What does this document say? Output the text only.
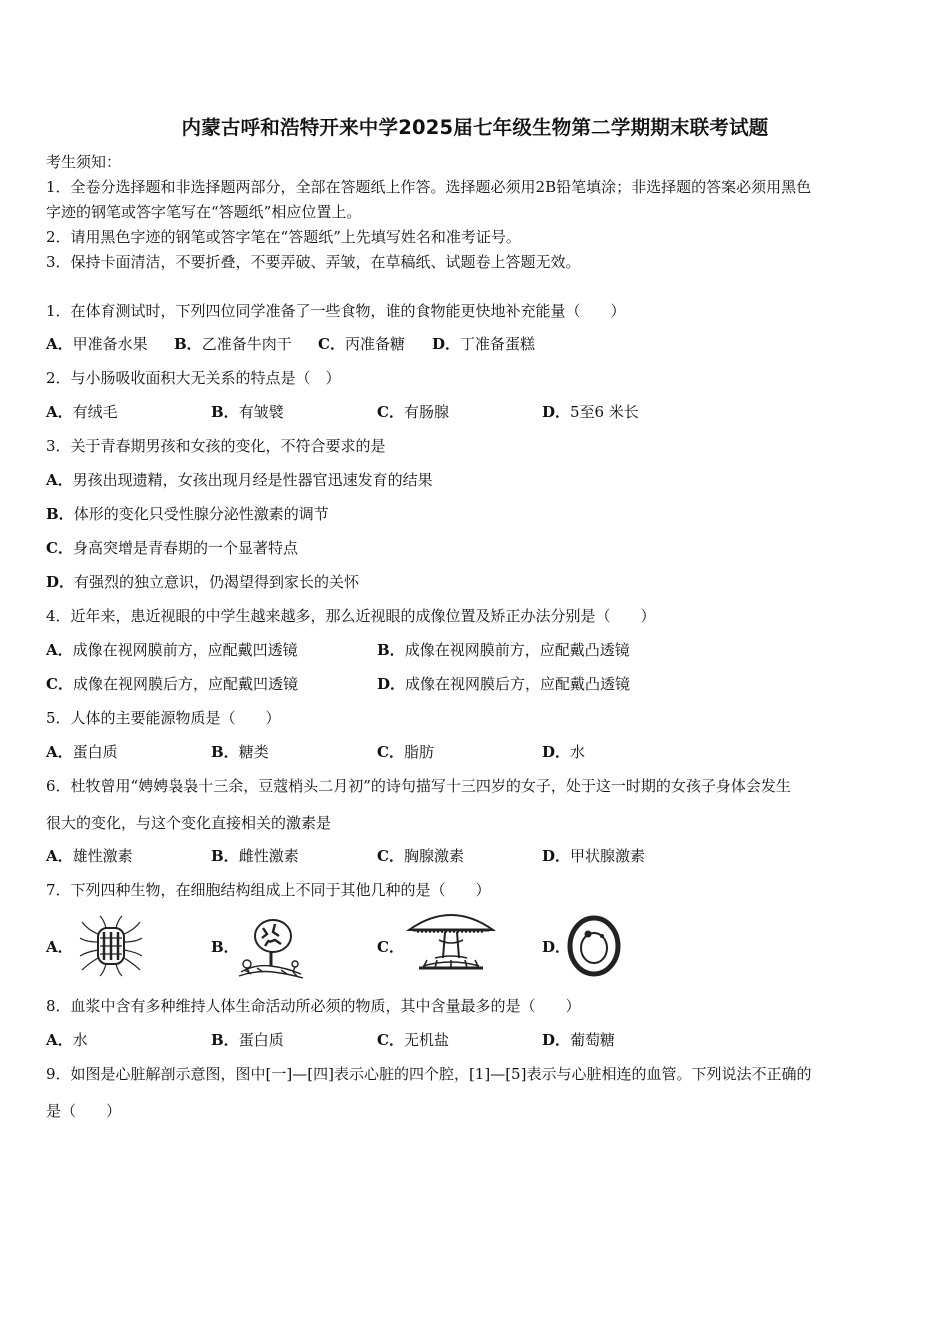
内蒙古呼和浩特开来中学2025届七年级生物第二学期期末联考试题
考生须知：
1．全卷分选择题和非选择题两部分，全部在答题纸上作答。选择题必须用2B铅笔填涂；非选择题的答案必须用黑色
字迹的钢笔或答字笔写在“答题纸”相应位置上。
2．请用黑色字迹的钢笔或答字笔在“答题纸”上先填写姓名和准考证号。
3．保持卡面清洁，不要折叠，不要弄破、弄皱，在草稿纸、试题卷上答题无效。
1．在体育测试时，下列四位同学准备了一些食物，谁的食物能更快地补充能量（　　）
A．甲准备水果 B．乙准备牛肉干 C．丙准备糖 D．丁准备蛋糕
2．与小肠吸收面积大无关系的特点是（　）
A．有绒毛	B．有皱襞	C．有肠腺	D．5至6 米长
3．关于青春期男孩和女孩的变化，不符合要求的是
A．男孩出现遗精，女孩出现月经是性器官迅速发育的结果
B．体形的变化只受性腺分泌性激素的调节
C．身高突增是青春期的一个显著特点
D．有强烈的独立意识，仍渴望得到家长的关怀
4．近年来，患近视眼的中学生越来越多，那么近视眼的成像位置及矫正办法分别是（　　）
A．成像在视网膜前方，应配戴凹透镜	B．成像在视网膜前方，应配戴凸透镜
C．成像在视网膜后方，应配戴凹透镜	D．成像在视网膜后方，应配戴凸透镜
5．人体的主要能源物质是（　　）
A．蛋白质	B．糖类	C．脂肪	D．水
6．杜牧曾用“娉娉袅袅十三余，豆蔻梢头二月初”的诗句描写十三四岁的女子，处于这一时期的女孩子身体会发生
很大的变化，与这个变化直接相关的激素是
A．雄性激素	B．雌性激素	C．胸腺激素	D．甲状腺激素
7．下列四种生物，在细胞结构组成上不同于其他几种的是（　　）
A．	B．	C．	D．
8．血浆中含有多种维持人体生命活动所必须的物质，其中含量最多的是（　　）
A．水	B．蛋白质	C．无机盐	D．葡萄糖
9．如图是心脏解剖示意图，图中[一]—[四]表示心脏的四个腔，[1]—[5]表示与心脏相连的血管。下列说法不正确的
是（　　）
